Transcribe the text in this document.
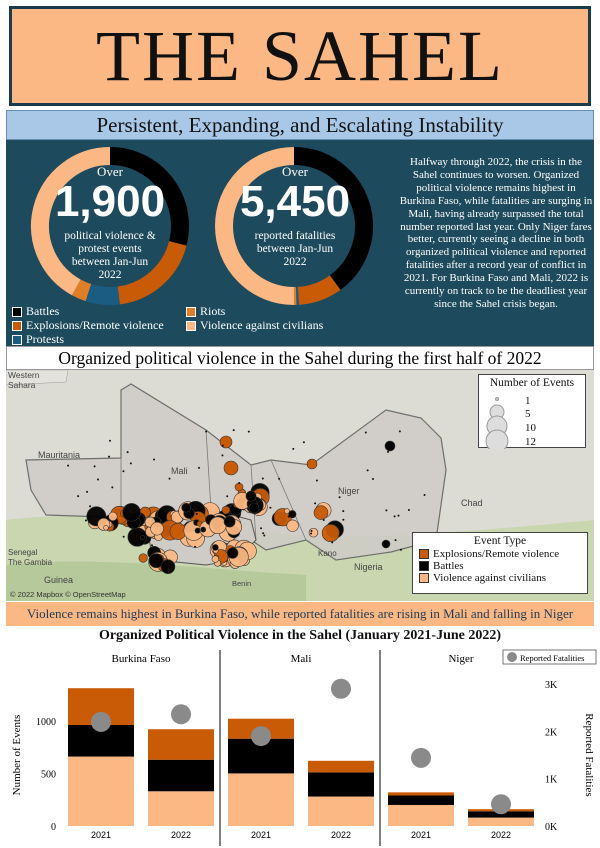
THE SAHEL
Persistent, Expanding, and Escalating Instability
Over
1,900
political violence &
protest events
between Jan-Jun
2022
Over
5,450
reported fatalities
between Jan-Jun
2022
Battles
Explosions/Remote violence
Protests
Riots
Violence against civilians
Halfway through 2022, the crisis in the Sahel continues to worsen. Organized political violence remains highest in Burkina Faso, while fatalities are surging in Mali, having already surpassed the total number reported last year. Only Niger fares better, currently seeing a decline in both organized political violence and reported fatalities after a record year of conflict in 2021. For Burkina Faso and Mali, 2022 is currently on track to be the deadliest year since the Sahel crisis began.
Organized political violence in the Sahel during the first half of 2022
Western
Sahara
Mauritania
Mali
Niger
Chad
Senegal
The Gambia
Guinea	Benin
Kano
Nigeria
© 2022 Mapbox © OpenStreetMap
Number of Events
1
5
10
12
Event Type
Explosions/Remote violence
Battles
Violence against civilians
Violence remains highest in Burkina Faso, while reported fatalities are rising in Mali and falling in Niger
Organized Political Violence in the Sahel (January 2021-June 2022)
Number of Events	Reported Fatalities
0
500
1000
0K
1K
2K
3K
Burkina Faso
2021	2022
Mali
2021	2022
Niger
2021	2022
Reported Fatalities
